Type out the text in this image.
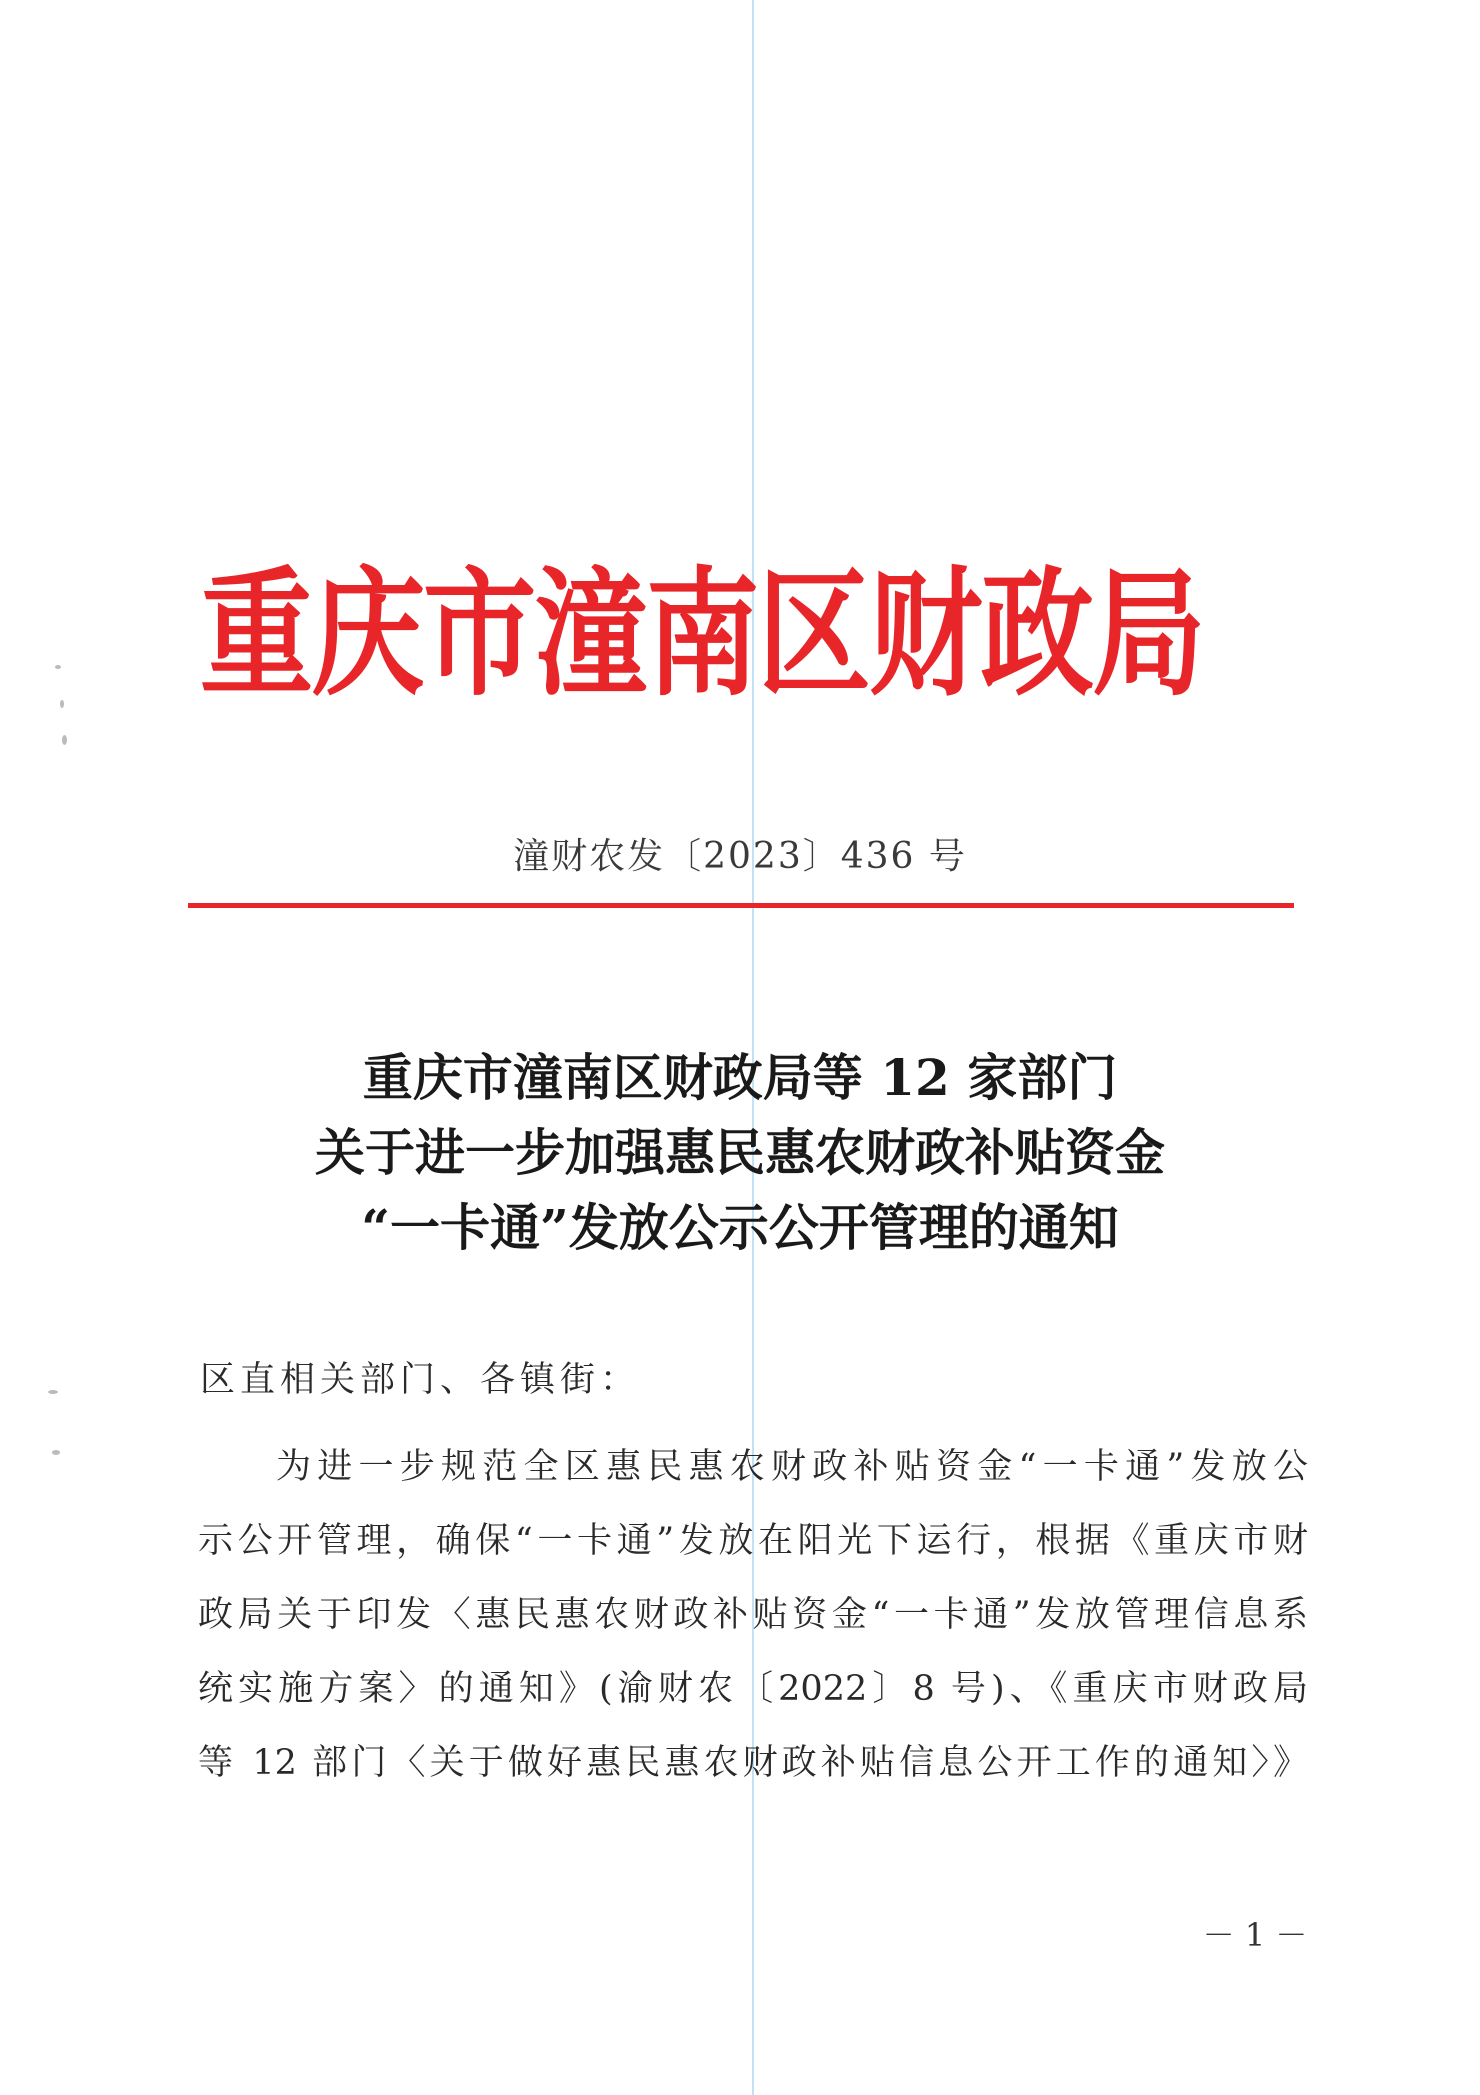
重庆市潼南区财政局
潼财农发〔2023〕436 号
重庆市潼南区财政局等 12 家部门
关于进一步加强惠民惠农财政补贴资金
“一卡通”发放公示公开管理的通知
区直相关部门、各镇街：
为进一步规范全区惠民惠农财政补贴资金“一卡通”发放公
示公开管理，确保“一卡通”发放在阳光下运行，根据《重庆市财
政局关于印发〈惠民惠农财政补贴资金“一卡通”发放管理信息系
统实施方案〉的通知》(渝财农〔2022〕8 号)、《重庆市财政局
等 12 部门〈关于做好惠民惠农财政补贴信息公开工作的通知〉》
－ 1 －
